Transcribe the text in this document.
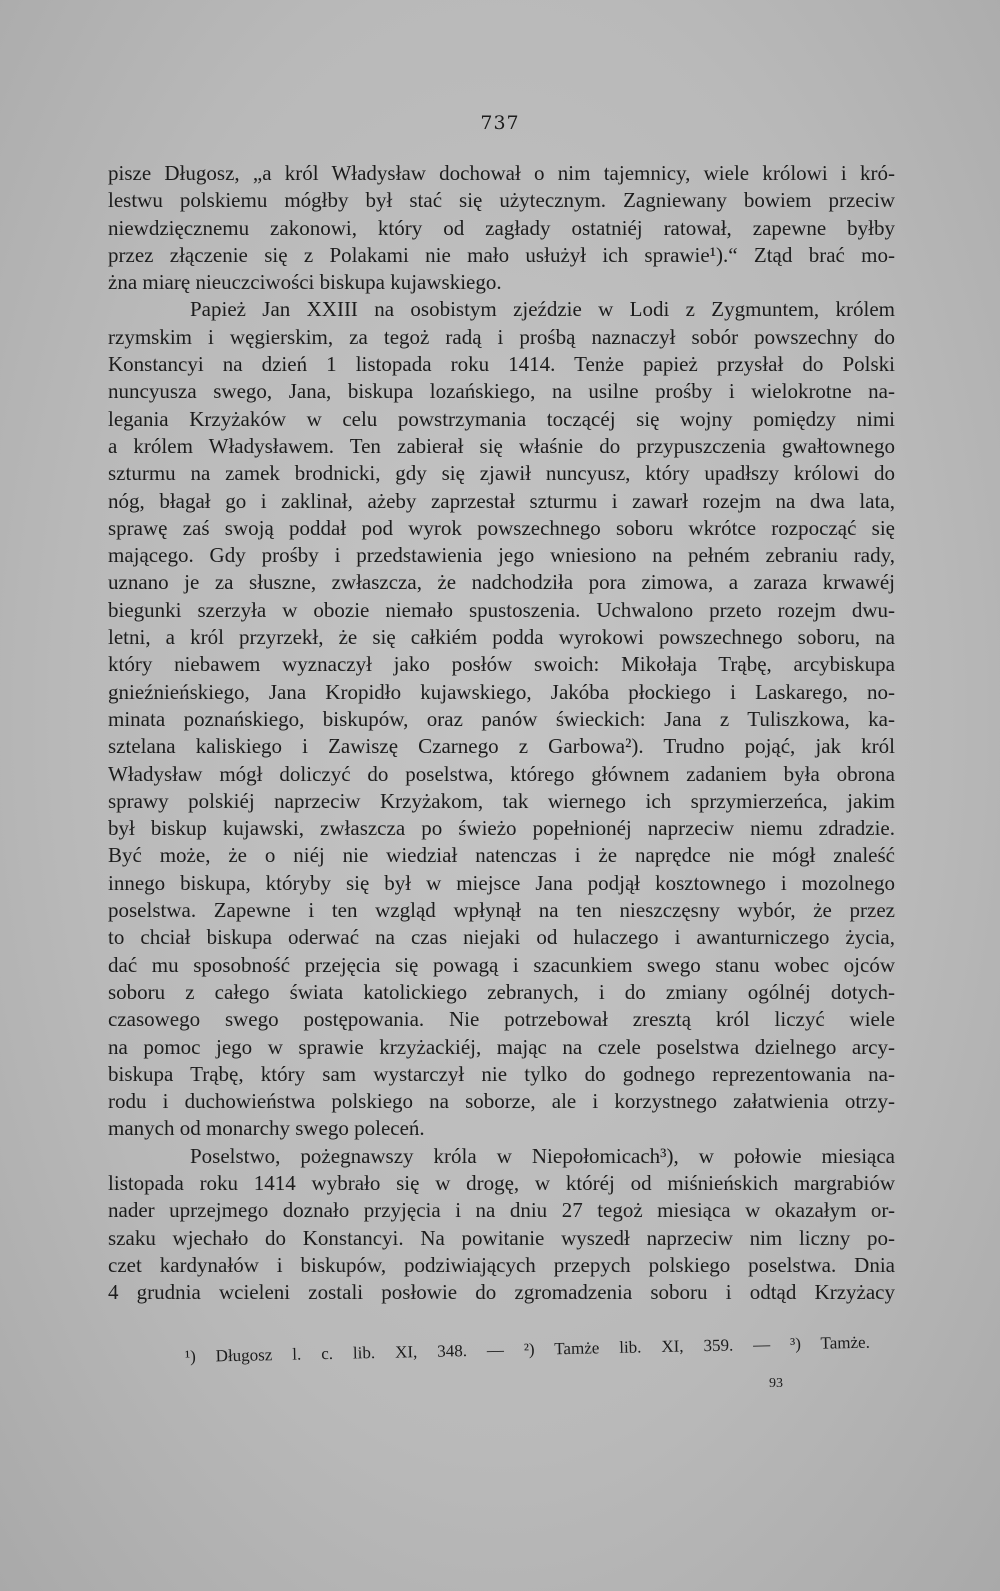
737
pisze Długosz, „a król Władysław dochował o nim tajemnicy, wiele królowi i kró-
lestwu polskiemu mógłby był stać się użytecznym. Zagniewany bowiem przeciw
niewdzięcznemu zakonowi, który od zagłady ostatniéj ratował, zapewne byłby
przez złączenie się z Polakami nie mało usłużył ich sprawie¹).“ Ztąd brać mo-
żna miarę nieuczciwości biskupa kujawskiego.
Papież Jan XXIII na osobistym zjeździe w Lodi z Zygmuntem, królem
rzymskim i węgierskim, za tegoż radą i prośbą naznaczył sobór powszechny do
Konstancyi na dzień 1 listopada roku 1414. Tenże papież przysłał do Polski
nuncyusza swego, Jana, biskupa lozańskiego, na usilne prośby i wielokrotne na-
legania Krzyżaków w celu powstrzymania toczącéj się wojny pomiędzy nimi
a królem Władysławem. Ten zabierał się właśnie do przypuszczenia gwałtownego
szturmu na zamek brodnicki, gdy się zjawił nuncyusz, który upadłszy królowi do
nóg, błagał go i zaklinał, ażeby zaprzestał szturmu i zawarł rozejm na dwa lata,
sprawę zaś swoją poddał pod wyrok powszechnego soboru wkrótce rozpocząć się
mającego. Gdy prośby i przedstawienia jego wniesiono na pełném zebraniu rady,
uznano je za słuszne, zwłaszcza, że nadchodziła pora zimowa, a zaraza krwawéj
biegunki szerzyła w obozie niemało spustoszenia. Uchwalono przeto rozejm dwu-
letni, a król przyrzekł, że się całkiém podda wyrokowi powszechnego soboru, na
który niebawem wyznaczył jako posłów swoich: Mikołaja Trąbę, arcybiskupa
gnieźnieńskiego, Jana Kropidło kujawskiego, Jakóba płockiego i Laskarego, no-
minata poznańskiego, biskupów, oraz panów świeckich: Jana z Tuliszkowa, ka-
sztelana kaliskiego i Zawiszę Czarnego z Garbowa²). Trudno pojąć, jak król
Władysław mógł doliczyć do poselstwa, którego głównem zadaniem była obrona
sprawy polskiéj naprzeciw Krzyżakom, tak wiernego ich sprzymierzeńca, jakim
był biskup kujawski, zwłaszcza po świeżo popełnionéj naprzeciw niemu zdradzie.
Być może, że o niéj nie wiedział natenczas i że naprędce nie mógł znaleść
innego biskupa, któryby się był w miejsce Jana podjął kosztownego i mozolnego
poselstwa. Zapewne i ten wzgląd wpłynął na ten nieszczęsny wybór, że przez
to chciał biskupa oderwać na czas niejaki od hulaczego i awanturniczego życia,
dać mu sposobność przejęcia się powagą i szacunkiem swego stanu wobec ojców
soboru z całego świata katolickiego zebranych, i do zmiany ogólnéj dotych-
czasowego swego postępowania. Nie potrzebował zresztą król liczyć wiele
na pomoc jego w sprawie krzyżackiéj, mając na czele poselstwa dzielnego arcy-
biskupa Trąbę, który sam wystarczył nie tylko do godnego reprezentowania na-
rodu i duchowieństwa polskiego na soborze, ale i korzystnego załatwienia otrzy-
manych od monarchy swego poleceń.
Poselstwo, pożegnawszy króla w Niepołomicach³), w połowie miesiąca
listopada roku 1414 wybrało się w drogę, w któréj od miśnieńskich margrabiów
nader uprzejmego doznało przyjęcia i na dniu 27 tegoż miesiąca w okazałym or-
szaku wjechało do Konstancyi. Na powitanie wyszedł naprzeciw nim liczny po-
czet kardynałów i biskupów, podziwiających przepych polskiego poselstwa. Dnia
4 grudnia wcieleni zostali posłowie do zgromadzenia soboru i odtąd Krzyżacy
¹) Długosz l. c. lib. XI, 348. — ²) Tamże lib. XI, 359. — ³) Tamże.
93
